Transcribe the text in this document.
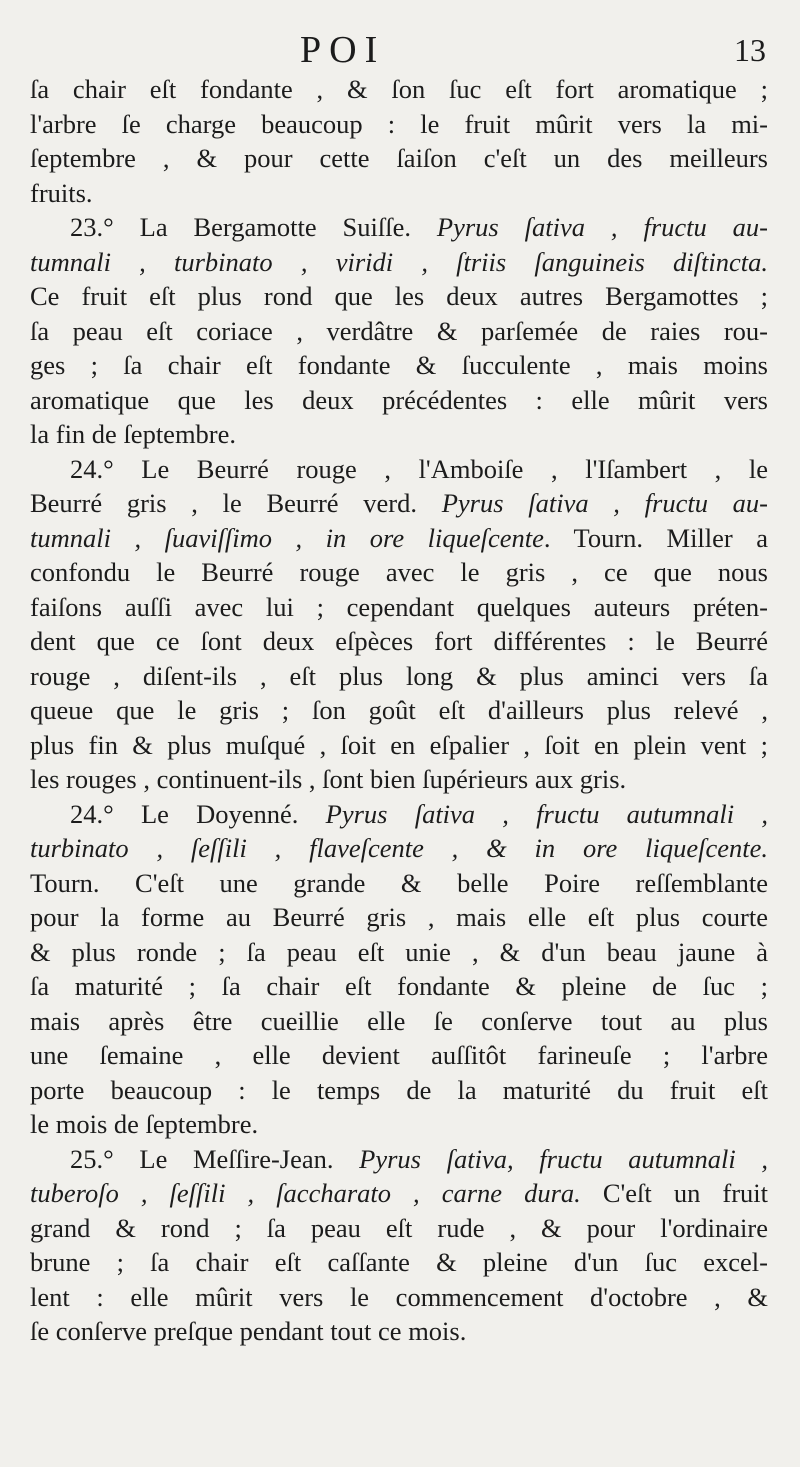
POI	13
ſa chair eſt fondante , & ſon ſuc eſt fort aromatique ;
l'arbre ſe charge beaucoup : le fruit mûrit vers la mi-
ſeptembre , & pour cette ſaiſon c'eſt un des meilleurs
fruits.
23.° La Bergamotte Suiſſe. Pyrus ſativa , fructu au-
tumnali , turbinato , viridi , ſtriis ſanguineis diſtincta.
Ce fruit eſt plus rond que les deux autres Bergamottes ;
ſa peau eſt coriace , verdâtre & parſemée de raies rou-
ges ; ſa chair eſt fondante & ſucculente , mais moins
aromatique que les deux précédentes : elle mûrit vers
la fin de ſeptembre.
24.° Le Beurré rouge , l'Amboiſe , l'Iſambert , le
Beurré gris , le Beurré verd. Pyrus ſativa , fructu au-
tumnali , ſuaviſſimo , in ore liqueſcente. Tourn. Miller a
confondu le Beurré rouge avec le gris , ce que nous
faiſons auſſi avec lui ; cependant quelques auteurs préten-
dent que ce ſont deux eſpèces fort différentes : le Beurré
rouge , diſent-ils , eſt plus long & plus aminci vers ſa
queue que le gris ; ſon goût eſt d'ailleurs plus relevé ,
plus fin & plus muſqué , ſoit en eſpalier , ſoit en plein vent ;
les rouges , continuent-ils , ſont bien ſupérieurs aux gris.
24.° Le Doyenné. Pyrus ſativa , fructu autumnali ,
turbinato , ſeſſili , flaveſcente , & in ore liqueſcente.
Tourn. C'eſt une grande & belle Poire reſſemblante
pour la forme au Beurré gris , mais elle eſt plus courte
& plus ronde ; ſa peau eſt unie , & d'un beau jaune à
ſa maturité ; ſa chair eſt fondante & pleine de ſuc ;
mais après être cueillie elle ſe conſerve tout au plus
une ſemaine , elle devient auſſitôt farineuſe ; l'arbre
porte beaucoup : le temps de la maturité du fruit eſt
le mois de ſeptembre.
25.° Le Meſſire-Jean. Pyrus ſativa, fructu autumnali ,
tuberoſo , ſeſſili , ſaccharato , carne dura. C'eſt un fruit
grand & rond ; ſa peau eſt rude , & pour l'ordinaire
brune ; ſa chair eſt caſſante & pleine d'un ſuc excel-
lent : elle mûrit vers le commencement d'octobre , &
ſe conſerve preſque pendant tout ce mois.
